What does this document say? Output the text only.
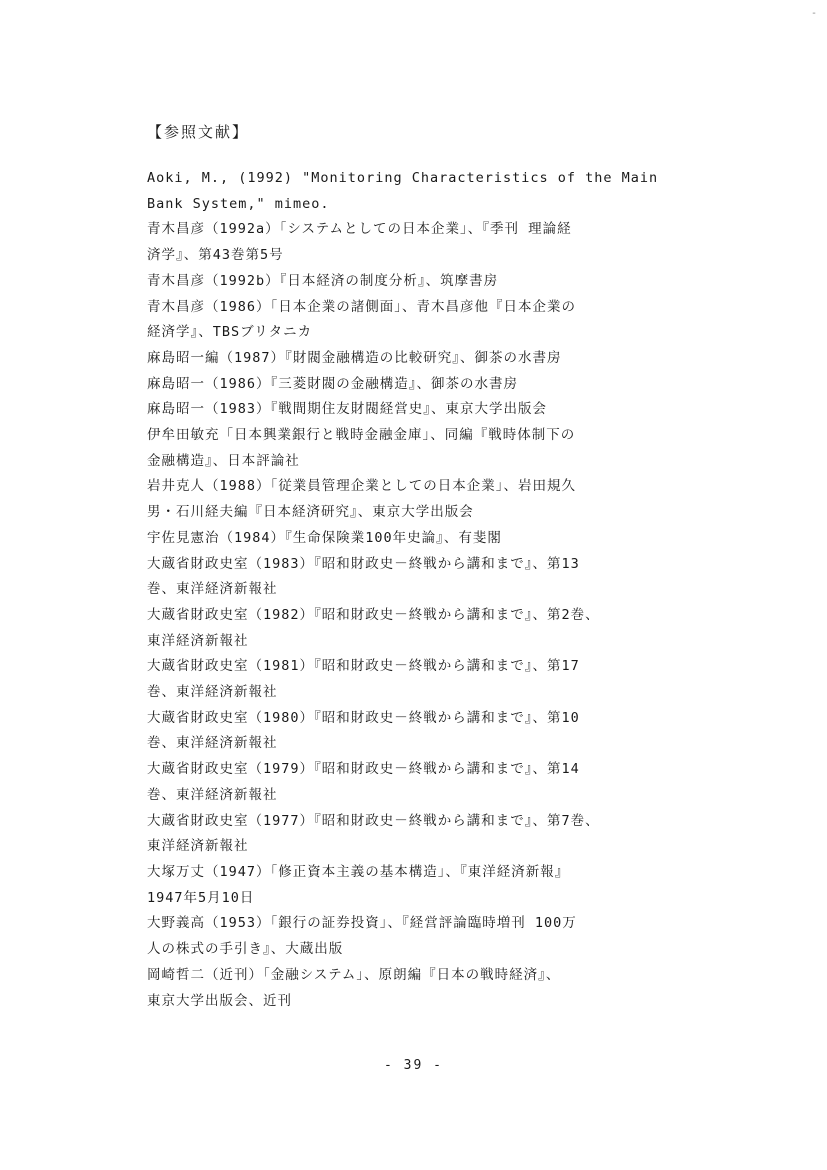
-
【参照文献】
Aoki, M., (1992) "Monitoring Characteristics of the Main
Bank System," mimeo.
青木昌彦（1992a）「システムとしての日本企業」、『季刊 理論経
済学』、第43巻第5号
青木昌彦（1992b）『日本経済の制度分析』、筑摩書房
青木昌彦（1986）「日本企業の諸側面」、青木昌彦他『日本企業の
経済学』、TBSブリタニカ
麻島昭一編（1987）『財閥金融構造の比較研究』、御茶の水書房
麻島昭一（1986）『三菱財閥の金融構造』、御茶の水書房
麻島昭一（1983）『戦間期住友財閥経営史』、東京大学出版会
伊牟田敏充「日本興業銀行と戦時金融金庫」、同編『戦時体制下の
金融構造』、日本評論社
岩井克人（1988）「従業員管理企業としての日本企業」、岩田規久
男・石川経夫編『日本経済研究』、東京大学出版会
宇佐見憲治（1984）『生命保険業100年史論』、有斐閣
大蔵省財政史室（1983）『昭和財政史－終戦から講和まで』、第13
巻、東洋経済新報社
大蔵省財政史室（1982）『昭和財政史－終戦から講和まで』、第2巻、
東洋経済新報社
大蔵省財政史室（1981）『昭和財政史－終戦から講和まで』、第17
巻、東洋経済新報社
大蔵省財政史室（1980）『昭和財政史－終戦から講和まで』、第10
巻、東洋経済新報社
大蔵省財政史室（1979）『昭和財政史－終戦から講和まで』、第14
巻、東洋経済新報社
大蔵省財政史室（1977）『昭和財政史－終戦から講和まで』、第7巻、
東洋経済新報社
大塚万丈（1947）「修正資本主義の基本構造」、『東洋経済新報』
1947年5月10日
大野義高（1953）「銀行の証券投資」、『経営評論臨時増刊 100万
人の株式の手引き』、大蔵出版
岡崎哲二（近刊）「金融システム」、原朗編『日本の戦時経済』、
東京大学出版会、近刊
- 39 -
